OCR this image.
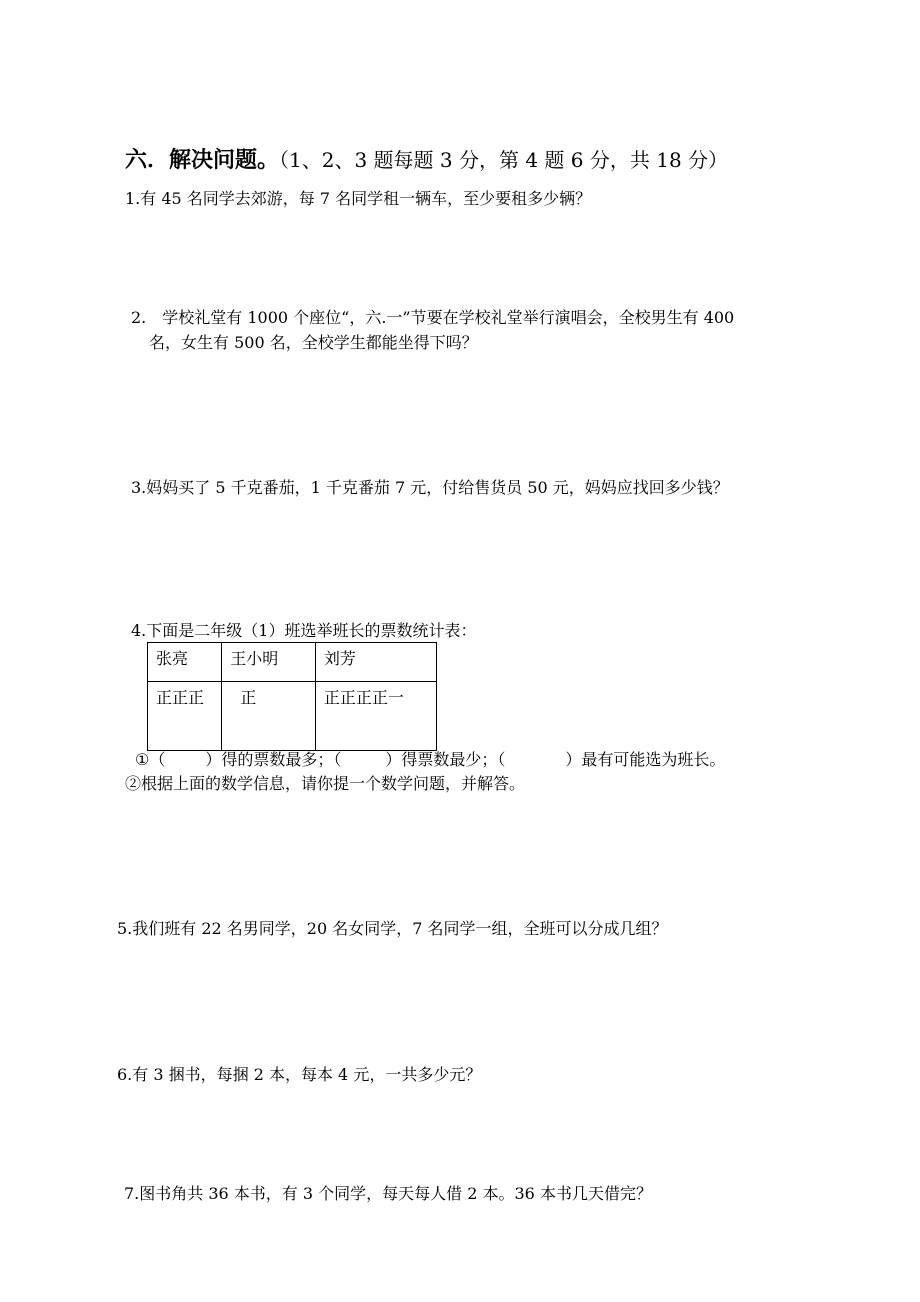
六．解决问题。（1、2、3 题每题 3 分，第 4 题 6 分，共 18 分）
1.有 45 名同学去郊游，每 7 名同学租一辆车，至少要租多少辆？
2.　学校礼堂有 1000 个座位“，六.一”节要在学校礼堂举行演唱会，全校男生有 400
名，女生有 500 名，全校学生都能坐得下吗？
3.妈妈买了 5 千克番茄，1 千克番茄 7 元，付给售货员 50 元，妈妈应找回多少钱？
4.下面是二年级（1）班选举班长的票数统计表：
张亮	王小明	刘芳
正正正	正	正正正正一
①（	）得的票数最多；（	）得票数最少；（	）最有可能选为班长。
②根据上面的数学信息，请你提一个数学问题，并解答。
5.我们班有 22 名男同学，20 名女同学，7 名同学一组，全班可以分成几组？
6.有 3 捆书，每捆 2 本，每本 4 元，一共多少元？
7.图书角共 36 本书，有 3 个同学，每天每人借 2 本。36 本书几天借完？
